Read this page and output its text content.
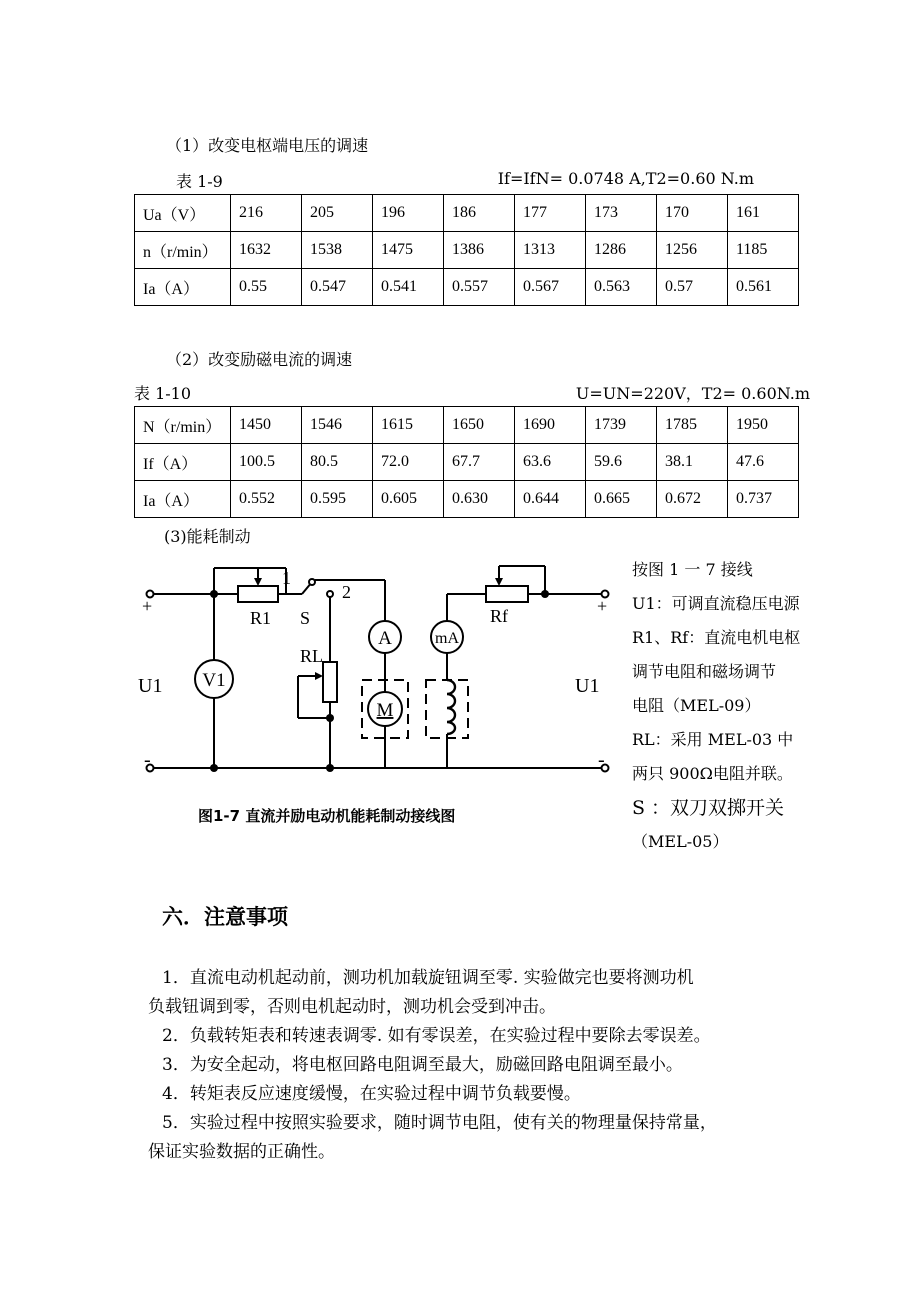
（1）改变电枢端电压的调速
表 1-9	If=IfN= 0.0748 A,T2=0.60 N.m
Ua（V）	216	205	196	186	177	173	170	161
n（r/min）	1632	1538	1475	1386	1313	1286	1256	1185
Ia（A）	0.55	0.547	0.541	0.557	0.567	0.563	0.57	0.561
（2）改变励磁电流的调速
表 1-10	U=UN=220V，T2= 0.60N.m
N（r/min）	1450	1546	1615	1650	1690	1739	1785	1950
If（A）	100.5	80.5	72.0	67.7	63.6	59.6	38.1	47.6
Ia（A）	0.552	0.595	0.605	0.630	0.644	0.665	0.672	0.737
(3)能耗制动
+
-
+
-
U1	U1
V1
R1
RL
Rf
S
1
2
A	mA
M
图1-7 直流并励电动机能耗制动接线图
按图 1 一 7 接线
U1：可调直流稳压电源
R1、Rf：直流电机电枢
调节电阻和磁场调节
电阻（MEL-09）
RL：采用 MEL-03 中
两只 900Ω电阻并联。
S ：双刀双掷开关
（MEL-05）
六．注意事项

1．直流电动机起动前，测功机加载旋钮调至零. 实验做完也要将测功机

负载钮调到零，否则电机起动时，测功机会受到冲击。

2．负载转矩表和转速表调零. 如有零误差，在实验过程中要除去零误差。

3．为安全起动，将电枢回路电阻调至最大，励磁回路电阻调至最小。

4．转矩表反应速度缓慢，在实验过程中调节负载要慢。

5．实验过程中按照实验要求，随时调节电阻，使有关的物理量保持常量，

保证实验数据的正确性。
